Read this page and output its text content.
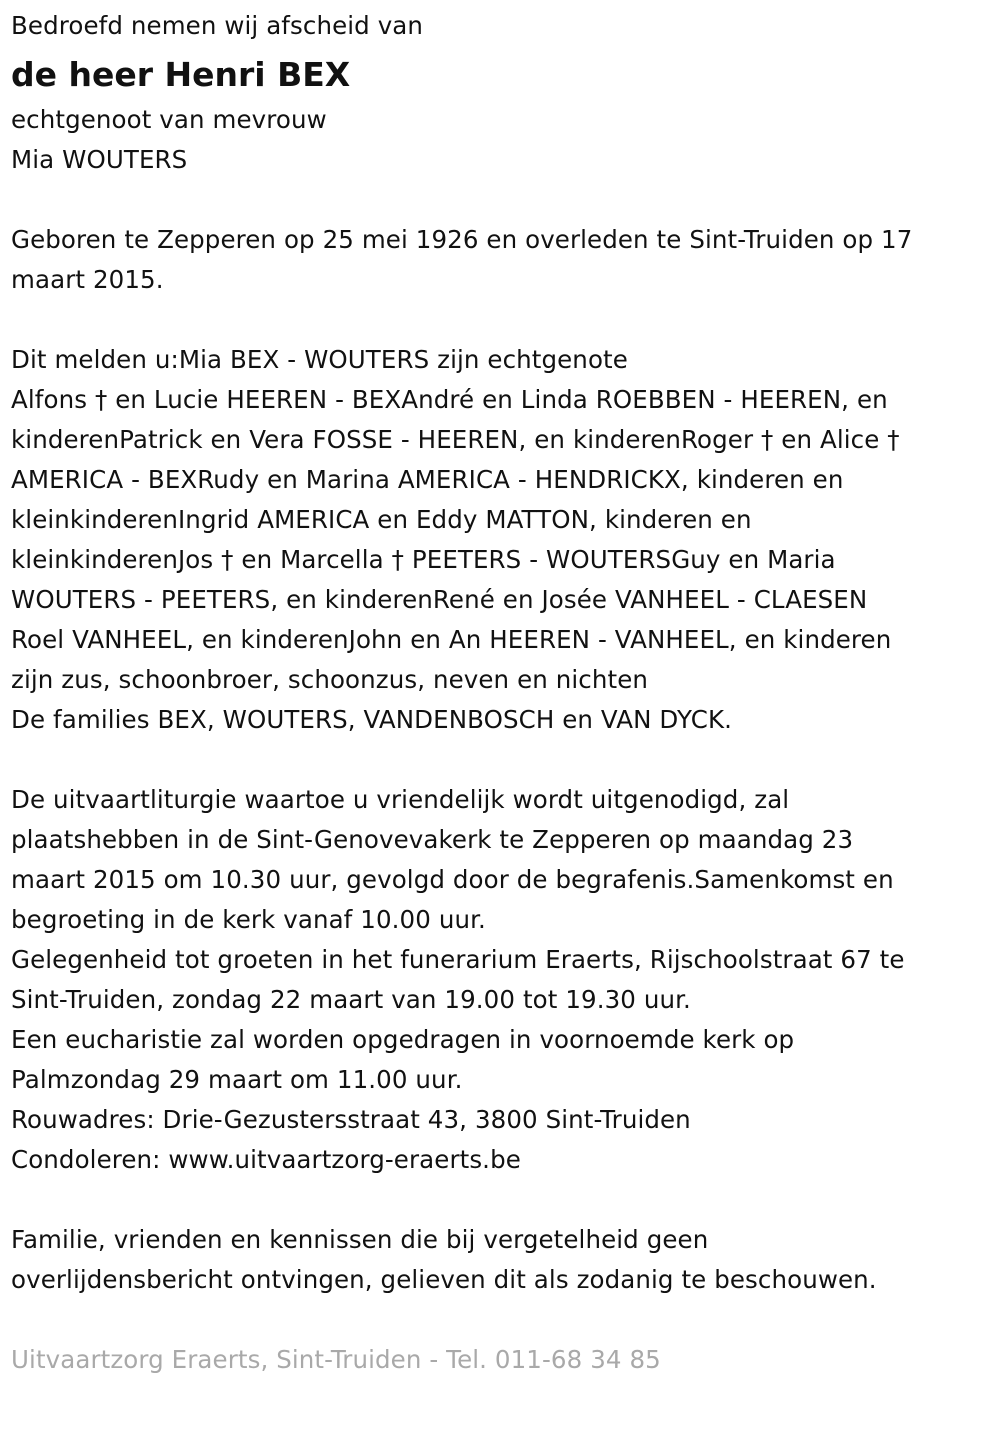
Bedroefd nemen wij afscheid van
de heer Henri BEX
echtgenoot van mevrouw
Mia WOUTERS
Geboren te Zepperen op 25 mei 1926 en overleden te Sint-Truiden op 17
maart 2015.
Dit melden u:Mia BEX - WOUTERS zijn echtgenote
Alfons † en Lucie HEEREN - BEXAndré en Linda ROEBBEN - HEEREN, en
kinderenPatrick en Vera FOSSE - HEEREN, en kinderenRoger † en Alice †
AMERICA - BEXRudy en Marina AMERICA - HENDRICKX, kinderen en
kleinkinderenIngrid AMERICA en Eddy MATTON, kinderen en
kleinkinderenJos † en Marcella † PEETERS - WOUTERSGuy en Maria
WOUTERS - PEETERS, en kinderenRené en Josée VANHEEL - CLAESEN
Roel VANHEEL, en kinderenJohn en An HEEREN - VANHEEL, en kinderen
zijn zus, schoonbroer, schoonzus, neven en nichten
De families BEX, WOUTERS, VANDENBOSCH en VAN DYCK.
De uitvaartliturgie waartoe u vriendelijk wordt uitgenodigd, zal
plaatshebben in de Sint-Genovevakerk te Zepperen op maandag 23
maart 2015 om 10.30 uur, gevolgd door de begrafenis.Samenkomst en
begroeting in de kerk vanaf 10.00 uur.
Gelegenheid tot groeten in het funerarium Eraerts, Rijschoolstraat 67 te
Sint-Truiden, zondag 22 maart van 19.00 tot 19.30 uur.
Een eucharistie zal worden opgedragen in voornoemde kerk op
Palmzondag 29 maart om 11.00 uur.
Rouwadres: Drie-Gezustersstraat 43, 3800 Sint-Truiden
Condoleren: www.uitvaartzorg-eraerts.be
Familie, vrienden en kennissen die bij vergetelheid geen
overlijdensbericht ontvingen, gelieven dit als zodanig te beschouwen.
Uitvaartzorg Eraerts, Sint-Truiden - Tel. 011-68 34 85
